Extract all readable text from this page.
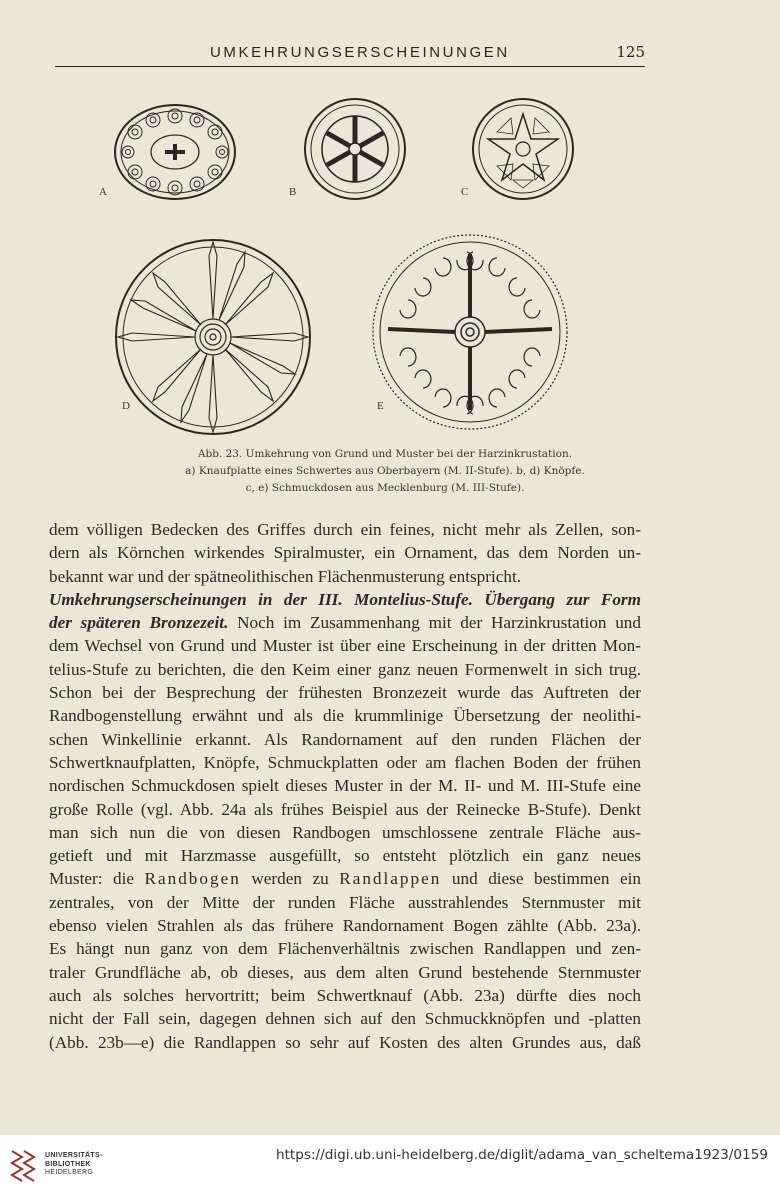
UMKEHRUNGSERSCHEINUNGEN	125
A	B	C
D	E
Abb. 23. Umkehrung von Grund und Muster bei der Harzinkrustation.
a) Knaufplatte eines Schwertes aus Oberbayern (M. II-Stufe). b, d) Knöpfe.
c, e) Schmuckdosen aus Mecklenburg (M. III-Stufe).
dem völligen Bedecken des Griffes durch ein feines, nicht mehr als Zellen, son-
dern als Körnchen wirkendes Spiralmuster, ein Ornament, das dem Norden un-
bekannt war und der spätneolithischen Flächenmusterung entspricht.
Umkehrungserscheinungen in der III. Montelius-Stufe. Übergang zur Form
der späteren Bronzezeit. Noch im Zusammenhang mit der Harzinkrustation und
dem Wechsel von Grund und Muster ist über eine Erscheinung in der dritten Mon-
telius-Stufe zu berichten, die den Keim einer ganz neuen Formenwelt in sich trug.
Schon bei der Besprechung der frühesten Bronzezeit wurde das Auftreten der
Randbogenstellung erwähnt und als die krummlinige Übersetzung der neolithi-
schen Winkellinie erkannt. Als Randornament auf den runden Flächen der
Schwertknaufplatten, Knöpfe, Schmuckplatten oder am flachen Boden der frühen
nordischen Schmuckdosen spielt dieses Muster in der M. II- und M. III-Stufe eine
große Rolle (vgl. Abb. 24a als frühes Beispiel aus der Reinecke B-Stufe). Denkt
man sich nun die von diesen Randbogen umschlossene zentrale Fläche aus-
getieft und mit Harzmasse ausgefüllt, so entsteht plötzlich ein ganz neues
Muster: die Randbogen werden zu Randlappen und diese bestimmen ein
zentrales, von der Mitte der runden Fläche ausstrahlendes Sternmuster mit
ebenso vielen Strahlen als das frühere Randornament Bogen zählte (Abb. 23a).
Es hängt nun ganz von dem Flächenverhältnis zwischen Randlappen und zen-
traler Grundfläche ab, ob dieses, aus dem alten Grund bestehende Sternmuster
auch als solches hervortritt; beim Schwertknauf (Abb. 23a) dürfte dies noch
nicht der Fall sein, dagegen dehnen sich auf den Schmuckknöpfen und -platten
(Abb. 23b—e) die Randlappen so sehr auf Kosten des alten Grundes aus, daß
UNIVERSITÄTS-
BIBLIOTHEK
HEIDELBERG
https://digi.ub.uni-heidelberg.de/diglit/adama_van_scheltema1923/0159
